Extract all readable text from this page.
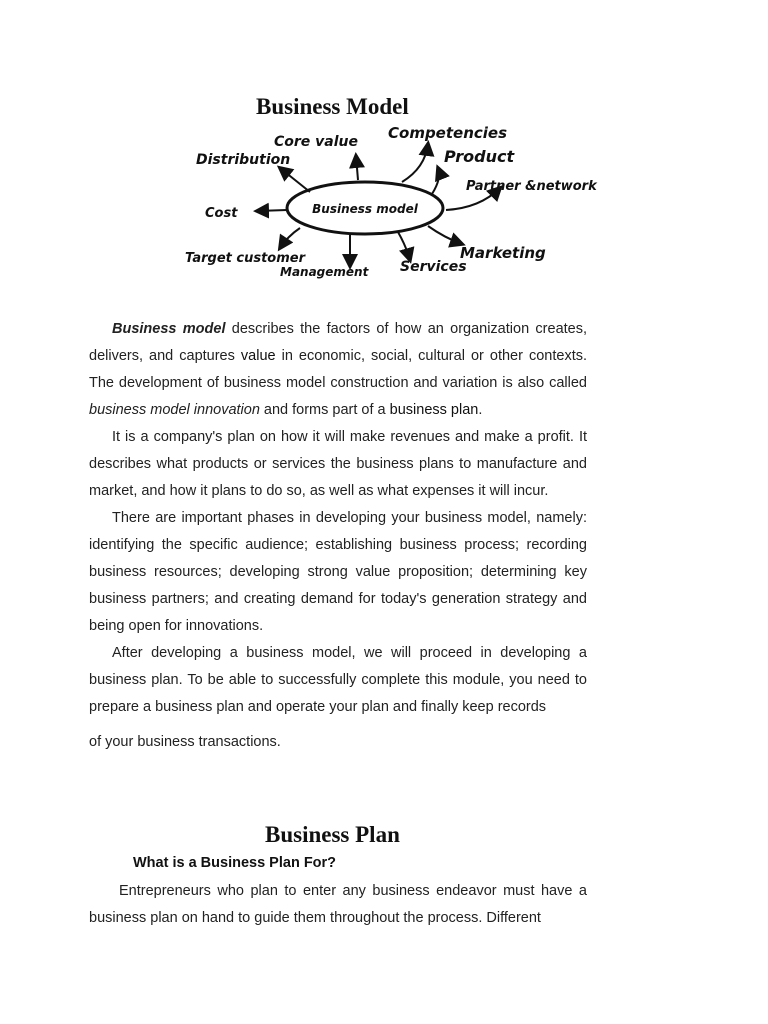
Business Model
Business model
Core value Competencies
Distribution	Product
Partner &network
Cost
Target customer
Management Services
Marketing

Business model describes the factors of how an organization creates, delivers, and captures value in economic, social, cultural or other contexts. The development of business model construction and variation is also called business model innovation and forms part of a business plan.

It is a company's plan on how it will make revenues and make a profit. It describes what products or services the business plans to manufacture and market, and how it plans to do so, as well as what expenses it will incur.

There are important phases in developing your business model, namely: identifying the specific audience; establishing business process; recording business resources; developing strong value proposition; determining key business partners; and creating demand for today's generation strategy and being open for innovations.

After developing a business model, we will proceed in developing a business plan. To be able to successfully complete this module, you need to prepare a business plan and operate your plan and finally keep records

of your business transactions.

Business Plan
What is a Business Plan For?

Entrepreneurs who plan to enter any business endeavor must have a business plan on hand to guide them throughout the process. Different
